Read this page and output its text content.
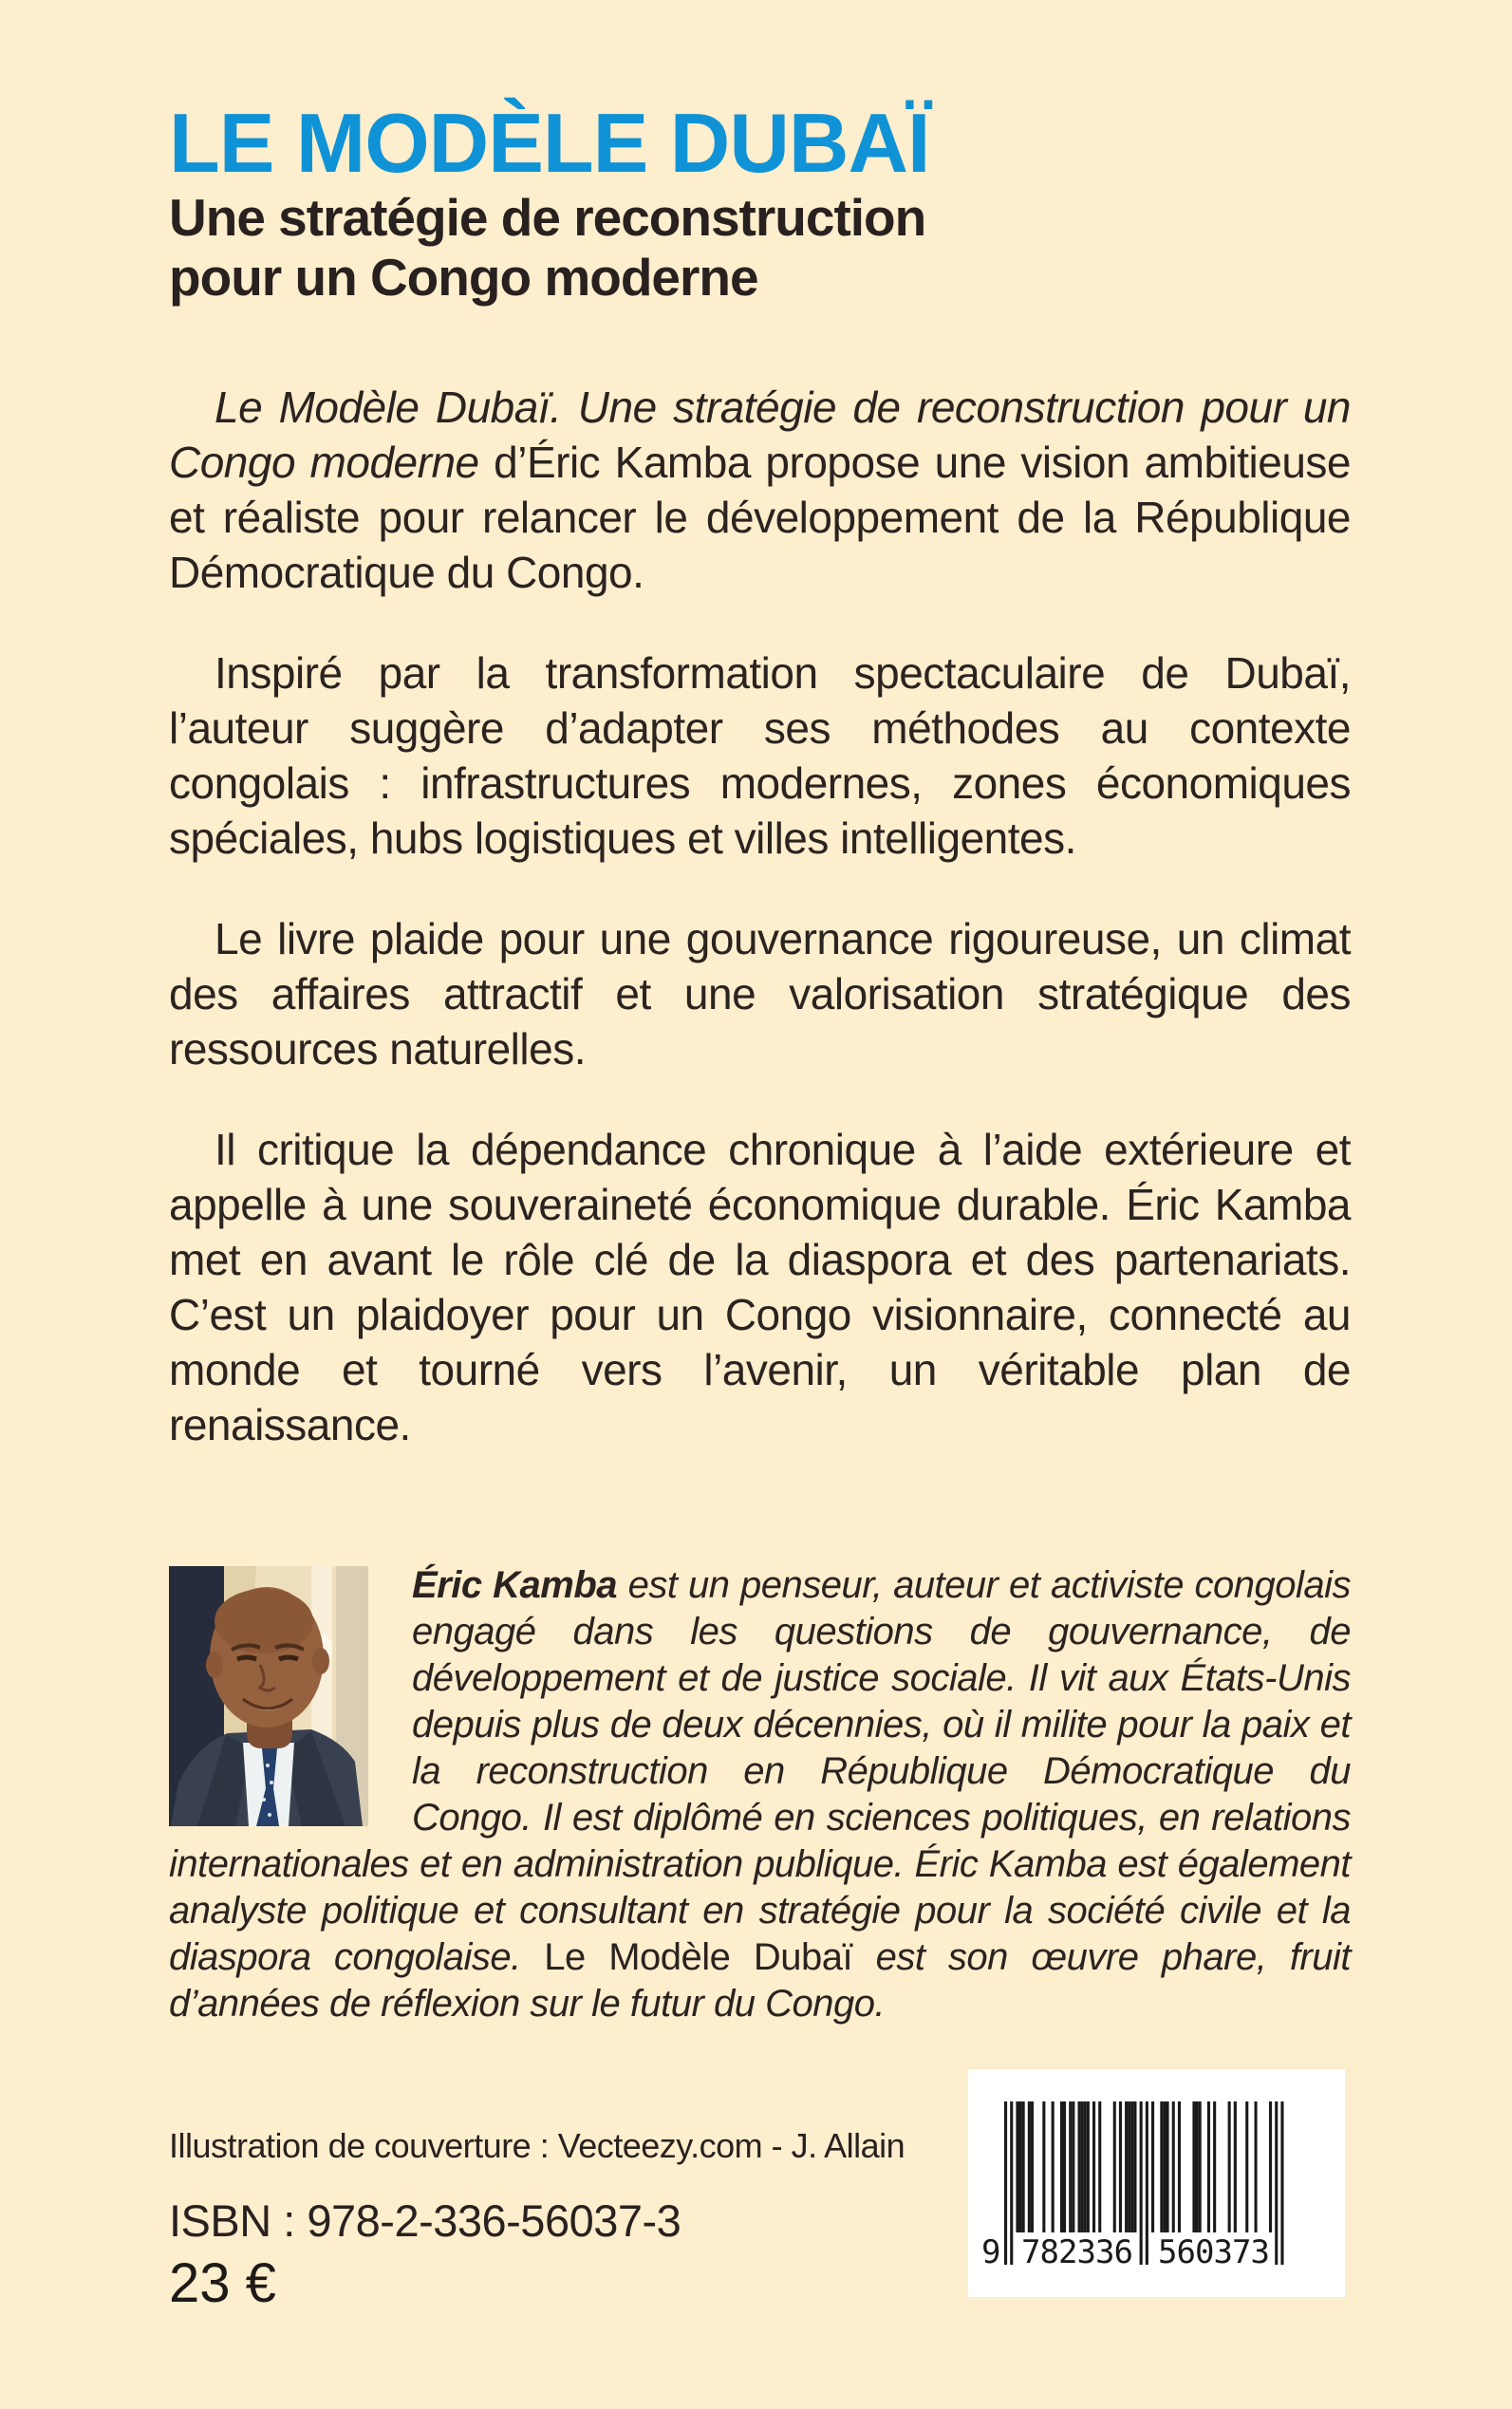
LE MODÈLE DUBAÏ
Une stratégie de reconstruction
pour un Congo moderne

Le Modèle Dubaï. Une stratégie de reconstruction pour un Congo moderne d’Éric Kamba propose une vision ambitieuse et réaliste pour relancer le développement de la République Démocratique du Congo.

Inspiré par la transformation spectaculaire de Dubaï, l’auteur suggère d’adapter ses méthodes au contexte congolais : infrastructures modernes, zones économiques spéciales, hubs logistiques et villes intelligentes.

Le livre plaide pour une gouvernance rigoureuse, un climat des affaires attractif et une valorisation stratégique des ressources naturelles.

Il critique la dépendance chronique à l’aide extérieure et appelle à une souveraineté économique durable. Éric Kamba met en avant le rôle clé de la diaspora et des partenariats. C’est un plaidoyer pour un Congo visionnaire, connecté au monde et tourné vers l’avenir, un véritable plan de renaissance.

Éric Kamba est un penseur, auteur et activiste congolais engagé dans les questions de gouvernance, de développement et de justice sociale. Il vit aux États-Unis depuis plus de deux décennies, où il milite pour la paix et la reconstruction en République Démocratique du Congo. Il est diplômé en sciences politiques, en relations internationales et en administration publique. Éric Kamba est également analyste politique et consultant en stratégie pour la société civile et la diaspora congolaise. Le Modèle Dubaï est son œuvre phare, fruit d’années de réflexion sur le futur du Congo.
Illustration de couverture : Vecteezy.com - J. Allain
ISBN : 978-2-336-56037-3
23 €	9 782336 560373
